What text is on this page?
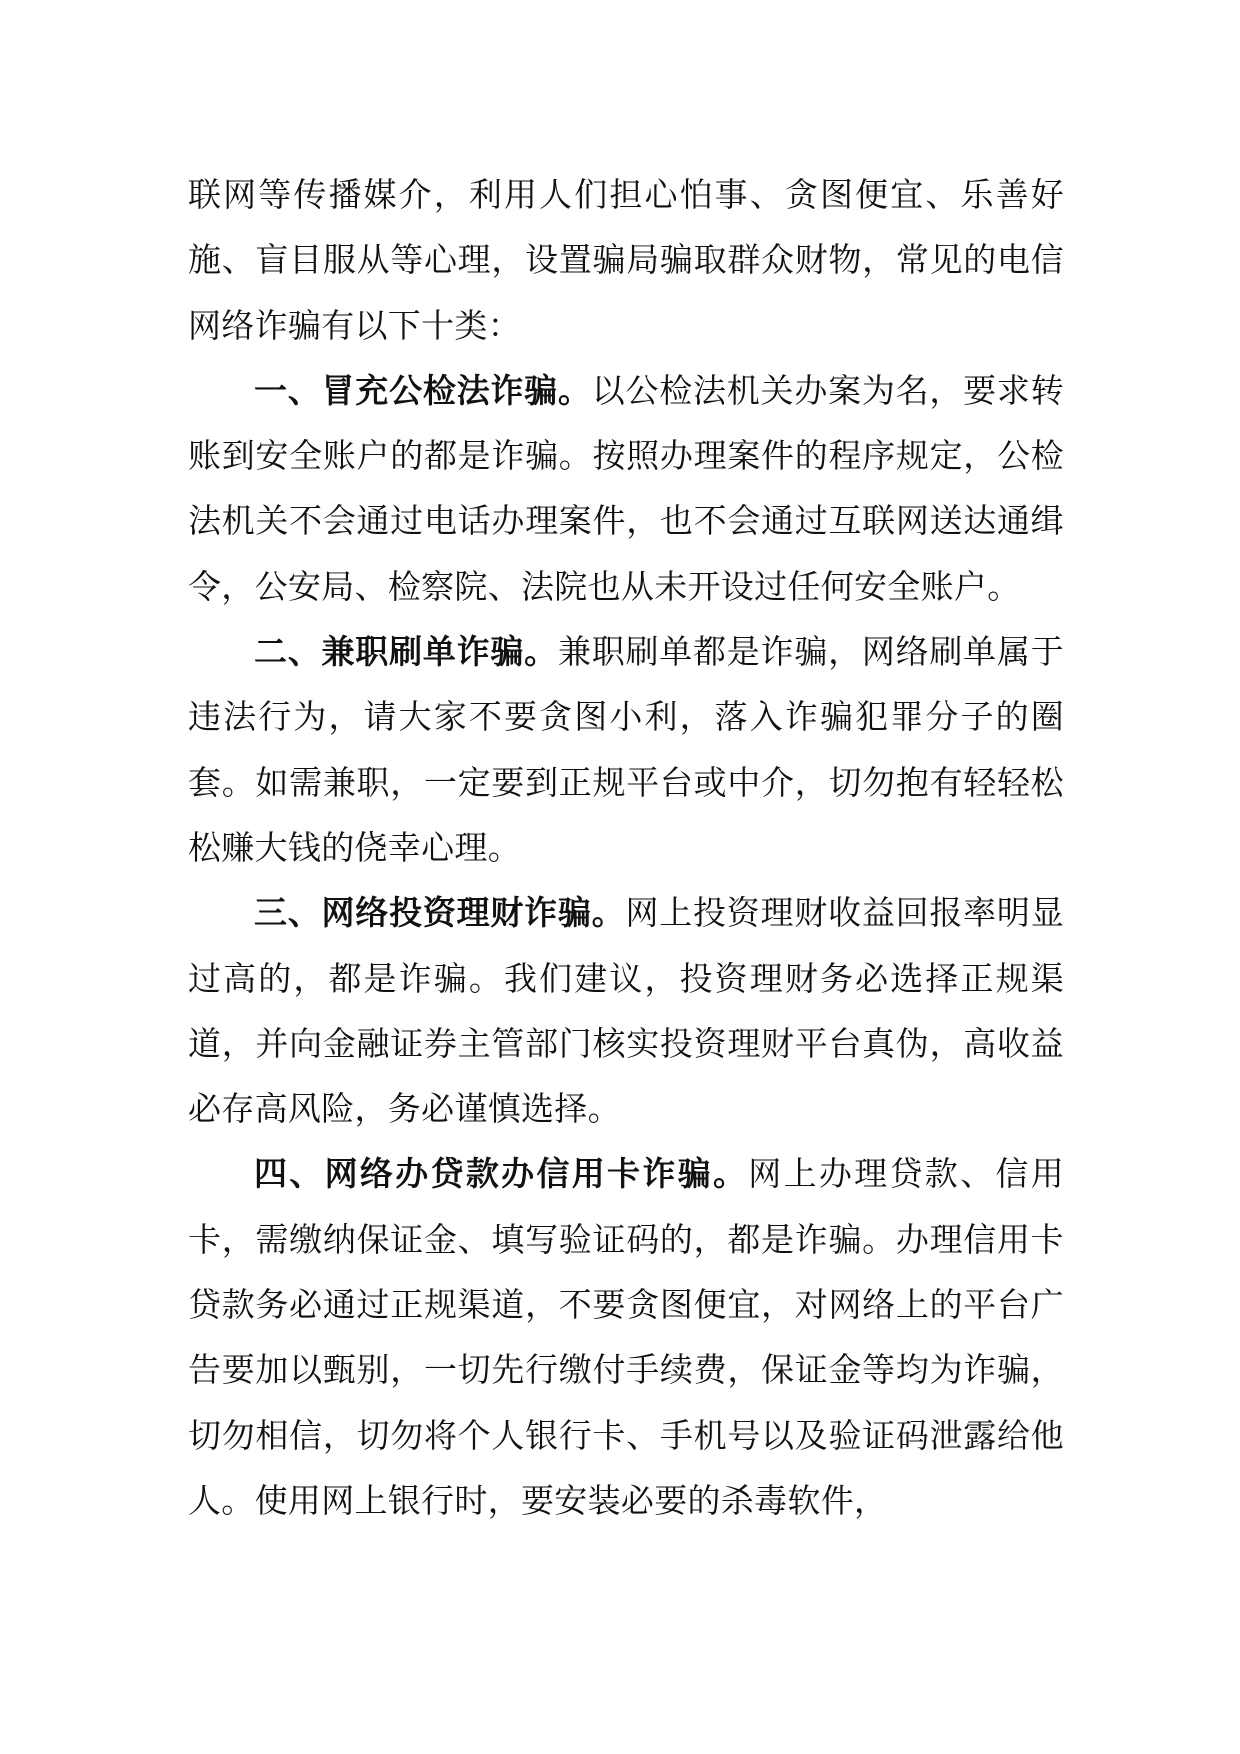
联网等传播媒介，利用人们担心怕事、贪图便宜、乐善好施、盲目服从等心理，设置骗局骗取群众财物，常见的电信网络诈骗有以下十类：

一、冒充公检法诈骗。以公检法机关办案为名，要求转账到安全账户的都是诈骗。按照办理案件的程序规定，公检法机关不会通过电话办理案件，也不会通过互联网送达通缉令，公安局、检察院、法院也从未开设过任何安全账户。

二、兼职刷单诈骗。兼职刷单都是诈骗，网络刷单属于违法行为，请大家不要贪图小利，落入诈骗犯罪分子的圈套。如需兼职，一定要到正规平台或中介，切勿抱有轻轻松松赚大钱的侥幸心理。

三、网络投资理财诈骗。网上投资理财收益回报率明显过高的，都是诈骗。我们建议，投资理财务必选择正规渠道，并向金融证券主管部门核实投资理财平台真伪，高收益必存高风险，务必谨慎选择。

四、网络办贷款办信用卡诈骗。网上办理贷款、信用卡，需缴纳保证金、填写验证码的，都是诈骗。办理信用卡贷款务必通过正规渠道，不要贪图便宜，对网络上的平台广告要加以甄别，一切先行缴付手续费，保证金等均为诈骗，切勿相信，切勿将个人银行卡、手机号以及验证码泄露给他人。使用网上银行时，要安装必要的杀毒软件，
